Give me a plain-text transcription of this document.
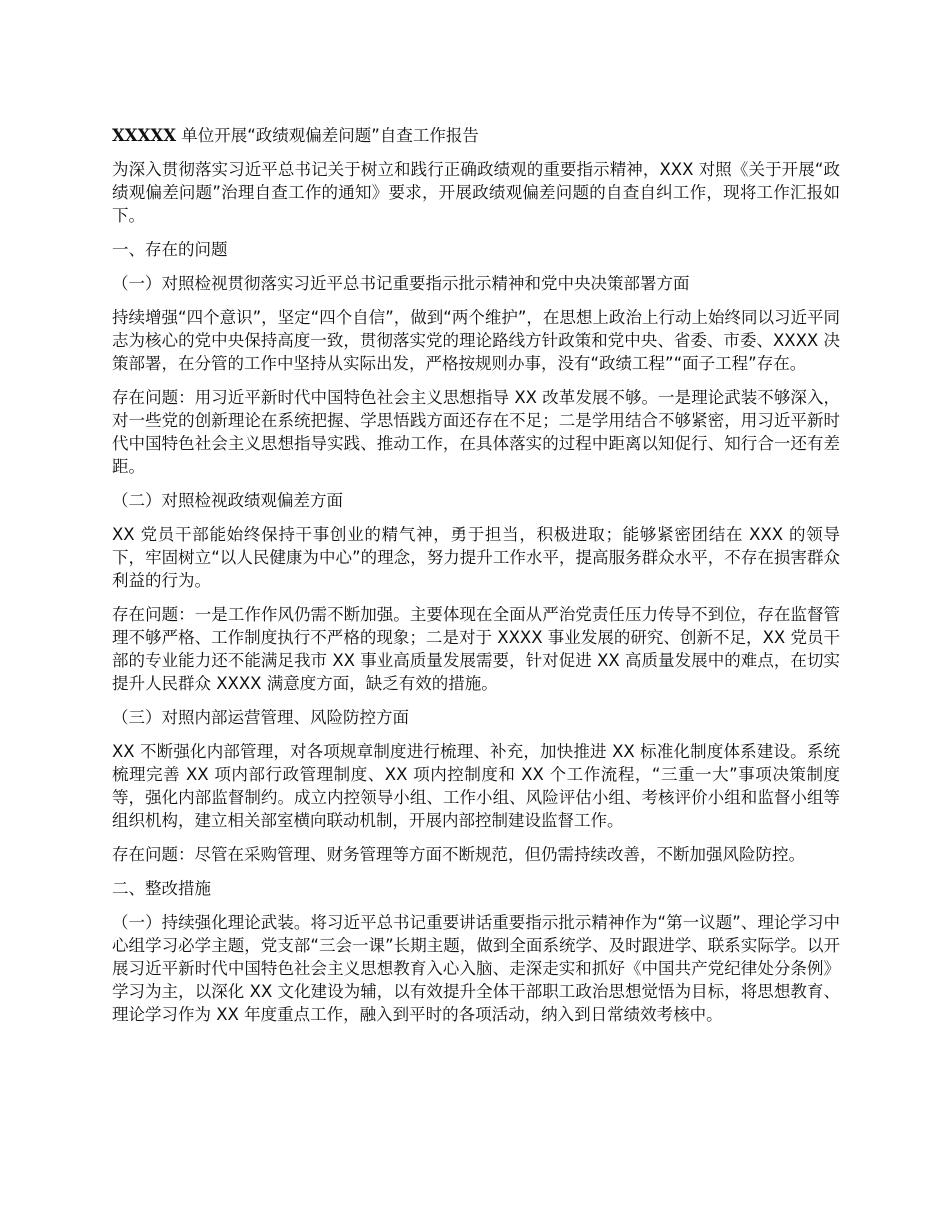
XXXXX 单位开展“政绩观偏差问题”自查工作报告

为深入贯彻落实习近平总书记关于树立和践行正确政绩观的重要指示精神，XXX 对照《关于开展“政绩观偏差问题”治理自查工作的通知》要求，开展政绩观偏差问题的自查自纠工作，现将工作汇报如下。

一、存在的问题

（一）对照检视贯彻落实习近平总书记重要指示批示精神和党中央决策部署方面

持续增强“四个意识”，坚定“四个自信”，做到“两个维护”，在思想上政治上行动上始终同以习近平同志为核心的党中央保持高度一致，贯彻落实党的理论路线方针政策和党中央、省委、市委、XXXX 决策部署，在分管的工作中坚持从实际出发，严格按规则办事，没有“政绩工程”“面子工程”存在。

存在问题：用习近平新时代中国特色社会主义思想指导 XX 改革发展不够。一是理论武装不够深入，对一些党的创新理论在系统把握、学思悟践方面还存在不足；二是学用结合不够紧密，用习近平新时代中国特色社会主义思想指导实践、推动工作，在具体落实的过程中距离以知促行、知行合一还有差距。

（二）对照检视政绩观偏差方面

XX 党员干部能始终保持干事创业的精气神，勇于担当，积极进取；能够紧密团结在 XXX 的领导下，牢固树立“以人民健康为中心”的理念，努力提升工作水平，提高服务群众水平，不存在损害群众利益的行为。

存在问题：一是工作作风仍需不断加强。主要体现在全面从严治党责任压力传导不到位，存在监督管理不够严格、工作制度执行不严格的现象；二是对于 XXXX 事业发展的研究、创新不足，XX 党员干部的专业能力还不能满足我市 XX 事业高质量发展需要，针对促进 XX 高质量发展中的难点，在切实提升人民群众 XXXX 满意度方面，缺乏有效的措施。

（三）对照内部运营管理、风险防控方面

XX 不断强化内部管理，对各项规章制度进行梳理、补充，加快推进 XX 标准化制度体系建设。系统梳理完善 XX 项内部行政管理制度、XX 项内控制度和 XX 个工作流程，“三重一大”事项决策制度等，强化内部监督制约。成立内控领导小组、工作小组、风险评估小组、考核评价小组和监督小组等组织机构，建立相关部室横向联动机制，开展内部控制建设监督工作。

存在问题：尽管在采购管理、财务管理等方面不断规范，但仍需持续改善，不断加强风险防控。

二、整改措施

（一）持续强化理论武装。将习近平总书记重要讲话重要指示批示精神作为“第一议题”、理论学习中心组学习必学主题，党支部“三会一课”长期主题，做到全面系统学、及时跟进学、联系实际学。以开展习近平新时代中国特色社会主义思想教育入心入脑、走深走实和抓好《中国共产党纪律处分条例》学习为主，以深化 XX 文化建设为辅，以有效提升全体干部职工政治思想觉悟为目标，将思想教育、理论学习作为 XX 年度重点工作，融入到平时的各项活动，纳入到日常绩效考核中。
